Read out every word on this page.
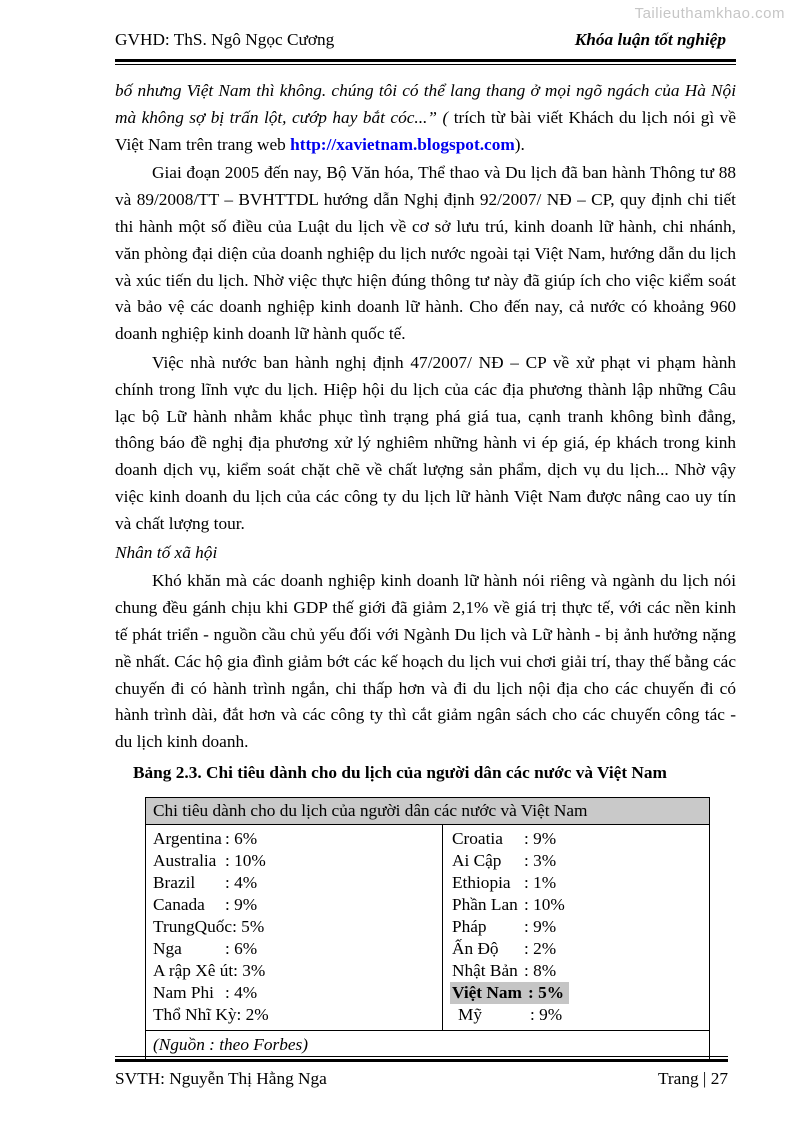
Tailieuthamkhao.com
GVHD: ThS. Ngô Ngọc Cương	Khóa luận tốt nghiệp

bố nhưng Việt Nam thì không. chúng tôi có thể lang thang ở mọi ngõ ngách của Hà Nội mà không sợ bị trấn lột, cướp hay bắt cóc...” ( trích từ bài viết Khách du lịch nói gì về Việt Nam trên trang web http://xavietnam.blogspot.com).

Giai đoạn 2005 đến nay, Bộ Văn hóa, Thể thao và Du lịch đã ban hành Thông tư 88 và 89/2008/TT – BVHTTDL hướng dẫn Nghị định 92/2007/ NĐ – CP, quy định chi tiết thi hành một số điều của Luật du lịch về cơ sở lưu trú, kinh doanh lữ hành, chi nhánh, văn phòng đại diện của doanh nghiệp du lịch nước ngoài tại Việt Nam, hướng dẫn du lịch và xúc tiến du lịch. Nhờ việc thực hiện đúng thông tư này đã giúp ích cho việc kiểm soát và bảo vệ các doanh nghiệp kinh doanh lữ hành. Cho đến nay, cả nước có khoảng 960 doanh nghiệp kinh doanh lữ hành quốc tế.

Việc nhà nước ban hành nghị định 47/2007/ NĐ – CP về xử phạt vi phạm hành chính trong lĩnh vực du lịch. Hiệp hội du lịch của các địa phương thành lập những Câu lạc bộ Lữ hành nhằm khắc phục tình trạng phá giá tua, cạnh tranh không bình đẳng, thông báo đề nghị địa phương xử lý nghiêm những hành vi ép giá, ép khách trong kinh doanh dịch vụ, kiểm soát chặt chẽ về chất lượng sản phẩm, dịch vụ du lịch... Nhờ vậy việc kinh doanh du lịch của các công ty du lịch lữ hành Việt Nam được nâng cao uy tín và chất lượng tour.

Nhân tố xã hội

Khó khăn mà các doanh nghiệp kinh doanh lữ hành nói riêng và ngành du lịch nói chung đều gánh chịu khi GDP thế giới đã giảm 2,1% về giá trị thực tế, với các nền kinh tế phát triển - nguồn cầu chủ yếu đối với Ngành Du lịch và Lữ hành - bị ảnh hưởng nặng nề nhất. Các hộ gia đình giảm bớt các kế hoạch du lịch vui chơi giải trí, thay thế bằng các chuyến đi có hành trình ngắn, chi thấp hơn và đi du lịch nội địa cho các chuyến đi có hành trình dài, đắt hơn và các công ty thì cắt giảm ngân sách cho các chuyến công tác - du lịch kinh doanh.

Bảng 2.3. Chi tiêu dành cho du lịch của người dân các nước và Việt Nam

Chi tiêu dành cho du lịch của người dân các nước và Việt Nam
Argentina : 6%
Australia : 10%
Brazil : 4%
Canada : 9%
TrungQuốc: 5%
Nga : 6%
A rập Xê út: 3%
Nam Phi : 4%
Thổ Nhĩ Kỳ: 2%
Croatia : 9%
Ai Cập : 3%
Ethiopia : 1%
Phần Lan : 10%
Pháp : 9%
Ấn Độ : 2%
Nhật Bản : 8%
Việt Nam : 5%
Mỹ	: 9%
(Nguồn : theo Forbes)
SVTH: Nguyễn Thị Hằng Nga	Trang | 27
